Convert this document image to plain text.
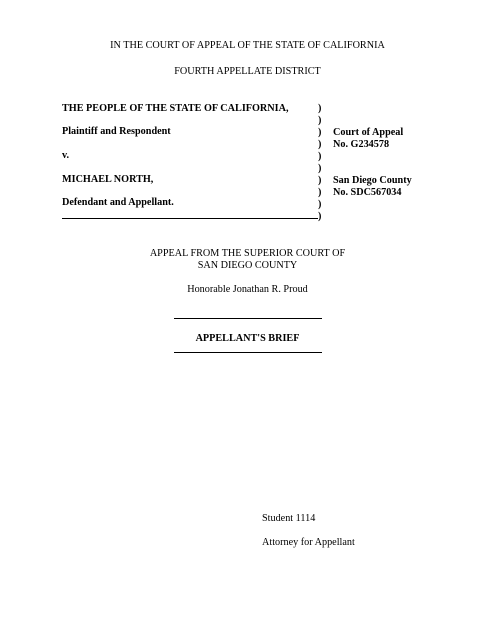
IN THE COURT OF APPEAL OF THE STATE OF CALIFORNIA
FOURTH APPELLATE DISTRICT
THE PEOPLE OF THE STATE OF CALIFORNIA,
Plaintiff and Respondent
v.
MICHAEL NORTH,
Defendant and Appellant.
)
)
)
)
)
)
)
)
)
)
Court of Appeal
No. G234578
San Diego County
No. SDC567034
APPEAL FROM THE SUPERIOR COURT OF
SAN DIEGO COUNTY
Honorable Jonathan R. Proud
APPELLANT'S BRIEF
Student 1114
Attorney for Appellant
